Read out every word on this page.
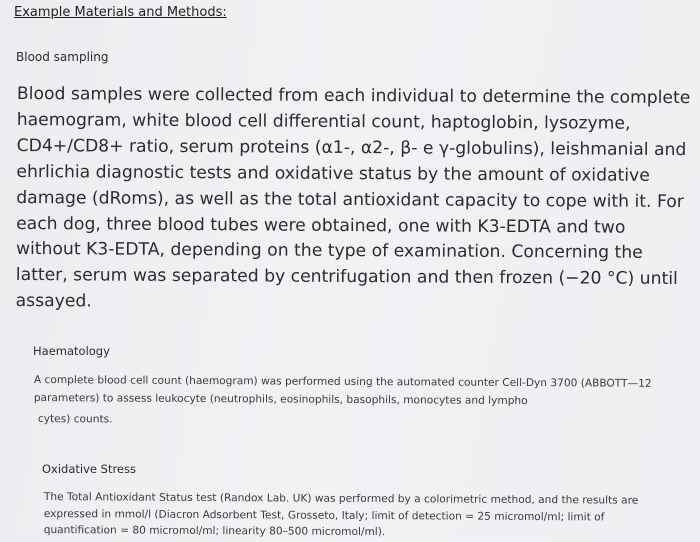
Example Materials and Methods:
Blood sampling
Blood samples were collected from each individual to determine the complete
haemogram, white blood cell differential count, haptoglobin, lysozyme,
CD4+/CD8+ ratio, serum proteins (α1-, α2-, β- e γ-globulins), leishmanial and
ehrlichia diagnostic tests and oxidative status by the amount of oxidative
damage (dRoms), as well as the total antioxidant capacity to cope with it. For
each dog, three blood tubes were obtained, one with K3-EDTA and two
without K3-EDTA, depending on the type of examination. Concerning the
latter, serum was separated by centrifugation and then frozen (−20 °C) until
assayed.
Haematology
A complete blood cell count (haemogram) was performed using the automated counter Cell-Dyn 3700 (ABBOTT—12
parameters) to assess leukocyte (neutrophils, eosinophils, basophils, monocytes and lympho
cytes) counts.
Oxidative Stress
The Total Antioxidant Status test (Randox Lab. UK) was performed by a colorimetric method, and the results are
expressed in mmol/l (Diacron Adsorbent Test, Grosseto, Italy; limit of detection = 25 micromol/ml; limit of
quantification = 80 micromol/ml; linearity 80–500 micromol/ml).
